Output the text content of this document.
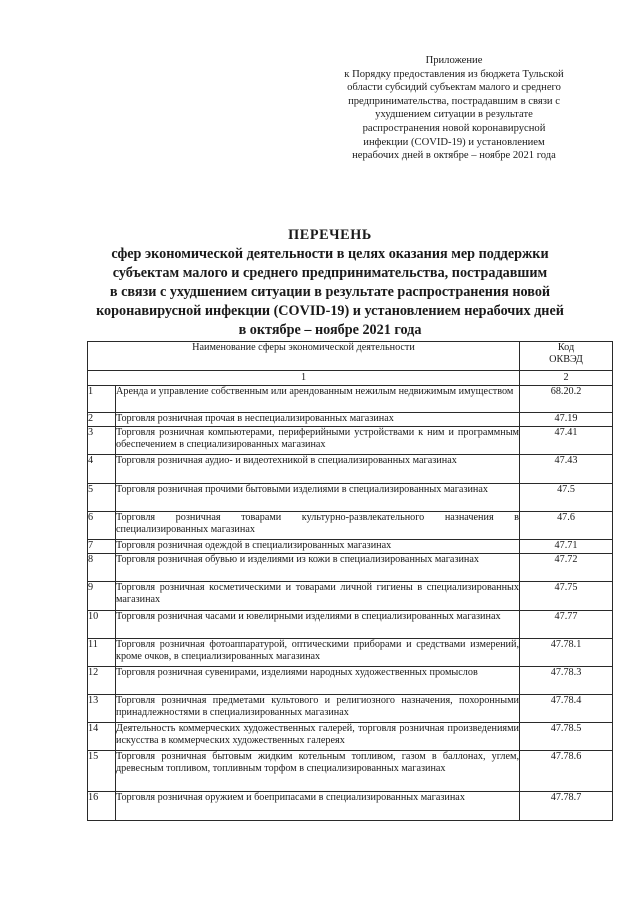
Приложение
к Порядку предоставления из бюджета Тульской
области субсидий субъектам малого и среднего
предпринимательства, пострадавшим в связи с
ухудшением ситуации в результате
распространения новой коронавирусной
инфекции (COVID-19) и установлением
нерабочих дней в октябре – ноябре 2021 года
ПЕРЕЧЕНЬ
сфер экономической деятельности в целях оказания мер поддержки
субъектам малого и среднего предпринимательства, пострадавшим
в связи с ухудшением ситуации в результате распространения новой
коронавирусной инфекции (COVID-19) и установлением нерабочих дней
в октябре – ноябре 2021 года
Наименование сферы экономической деятельности		Код
ОКВЭД
1		2
1	Аренда и управление собственным или арендованным нежилым недвижимым имуществом	68.20.2
2	Торговля розничная прочая в неспециализированных магазинах	47.19
3	Торговля розничная компьютерами, периферийными устройствами к ним и программным обеспечением в специализированных магазинах	47.41
4	Торговля розничная аудио- и видеотехникой в специализированных магазинах	47.43
5	Торговля розничная прочими бытовыми изделиями в специализированных магазинах	47.5
6	Торговля розничная товарами культурно-развлекательного назначения в специализированных магазинах	47.6
7	Торговля розничная одеждой в специализированных магазинах	47.71
8	Торговля розничная обувью и изделиями из кожи в специализированных магазинах	47.72
9	Торговля розничная косметическими и товарами личной гигиены в специализированных магазинах	47.75
10	Торговля розничная часами и ювелирными изделиями в специализированных магазинах	47.77
11	Торговля розничная фотоаппаратурой, оптическими приборами и средствами измерений, кроме очков, в специализированных магазинах	47.78.1
12	Торговля розничная сувенирами, изделиями народных художественных промыслов	47.78.3
13	Торговля розничная предметами культового и религиозного назначения, похоронными принадлежностями в специализированных магазинах	47.78.4
14	Деятельность коммерческих художественных галерей, торговля розничная произведениями искусства в коммерческих художественных галереях	47.78.5
15	Торговля розничная бытовым жидким котельным топливом, газом в баллонах, углем, древесным топливом, топливным торфом в специализированных магазинах	47.78.6
16	Торговля розничная оружием и боеприпасами в специализированных магазинах	47.78.7
